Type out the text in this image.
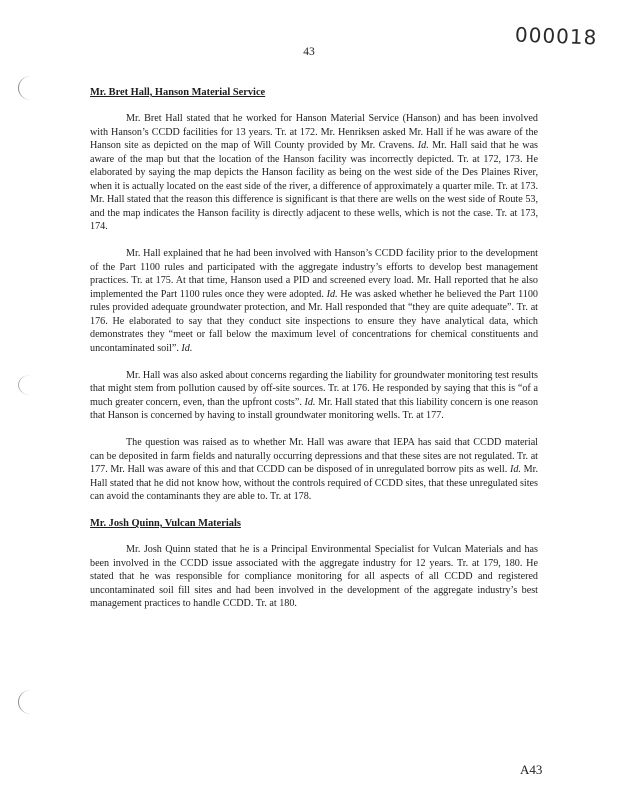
000018
43

Mr. Bret Hall, Hanson Material Service

Mr. Bret Hall stated that he worked for Hanson Material Service (Hanson) and has been involved with Hanson’s CCDD facilities for 13 years. Tr. at 172. Mr. Henriksen asked Mr. Hall if he was aware of the Hanson site as depicted on the map of Will County provided by Mr. Cravens. Id. Mr. Hall said that he was aware of the map but that the location of the Hanson facility was incorrectly depicted. Tr. at 172, 173. He elaborated by saying the map depicts the Hanson facility as being on the west side of the Des Plaines River, when it is actually located on the east side of the river, a difference of approximately a quarter mile. Tr. at 173. Mr. Hall stated that the reason this difference is significant is that there are wells on the west side of Route 53, and the map indicates the Hanson facility is directly adjacent to these wells, which is not the case. Tr. at 173, 174.

Mr. Hall explained that he had been involved with Hanson’s CCDD facility prior to the development of the Part 1100 rules and participated with the aggregate industry’s efforts to develop best management practices. Tr. at 175. At that time, Hanson used a PID and screened every load. Mr. Hall reported that he also implemented the Part 1100 rules once they were adopted. Id. He was asked whether he believed the Part 1100 rules provided adequate groundwater protection, and Mr. Hall responded that “they are quite adequate”. Tr. at 176. He elaborated to say that they conduct site inspections to ensure they have analytical data, which demonstrates they “meet or fall below the maximum level of concentrations for chemical constituents and uncontaminated soil”. Id.

Mr. Hall was also asked about concerns regarding the liability for groundwater monitoring test results that might stem from pollution caused by off-site sources. Tr. at 176. He responded by saying that this is “of a much greater concern, even, than the upfront costs”. Id. Mr. Hall stated that this liability concern is one reason that Hanson is concerned by having to install groundwater monitoring wells. Tr. at 177.

The question was raised as to whether Mr. Hall was aware that IEPA has said that CCDD material can be deposited in farm fields and naturally occurring depressions and that these sites are not regulated. Tr. at 177. Mr. Hall was aware of this and that CCDD can be disposed of in unregulated borrow pits as well. Id. Mr. Hall stated that he did not know how, without the controls required of CCDD sites, that these unregulated sites can avoid the contaminants they are able to. Tr. at 178.

Mr. Josh Quinn, Vulcan Materials

Mr. Josh Quinn stated that he is a Principal Environmental Specialist for Vulcan Materials and has been involved in the CCDD issue associated with the aggregate industry for 12 years. Tr. at 179, 180. He stated that he was responsible for compliance monitoring for all aspects of all CCDD and registered uncontaminated soil fill sites and had been involved in the development of the aggregate industry’s best management practices to handle CCDD. Tr. at 180.

A43
